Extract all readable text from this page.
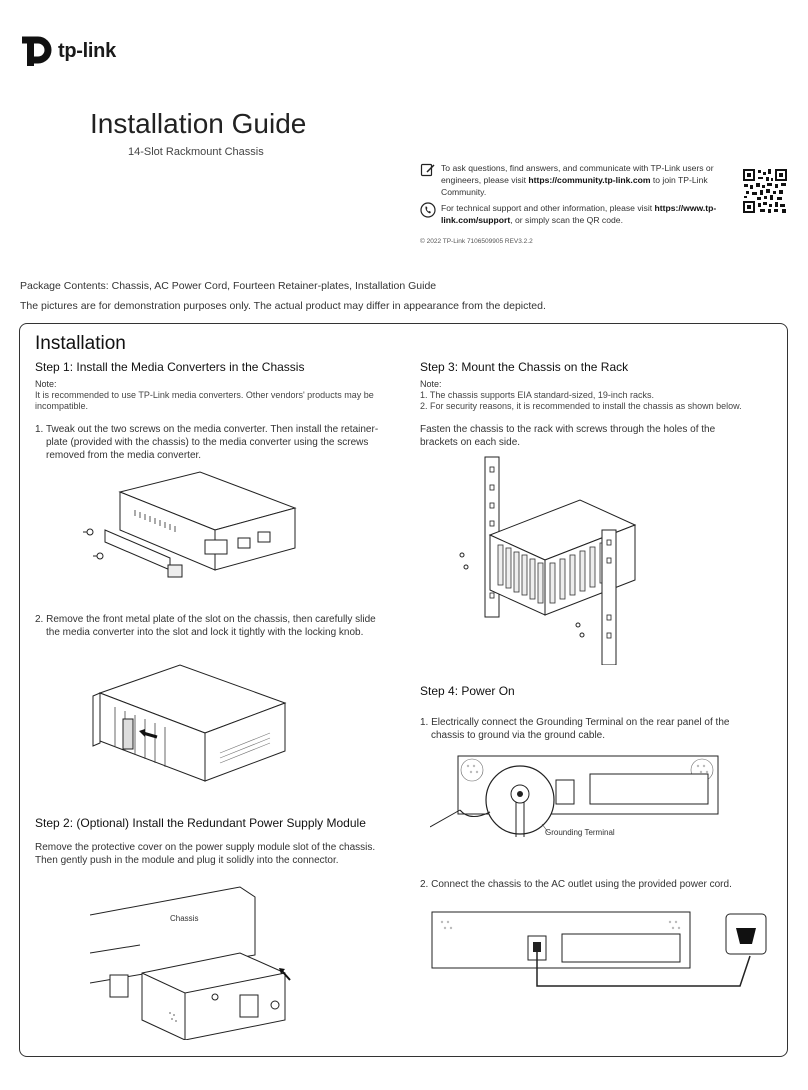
tp-link
Installation Guide
14-Slot Rackmount Chassis
To ask questions, find answers, and communicate with TP-Link users or engineers, please visit https://community.tp-link.com to join TP-Link Community.
For technical support and other information, please visit https://www.tp-link.com/support, or simply scan the QR code.
© 2022 TP-Link 7106509905 REV3.2.2
Package Contents: Chassis, AC Power Cord, Fourteen Retainer-plates, Installation Guide
The pictures are for demonstration purposes only. The actual product may differ in appearance from the depicted.
Installation
Step 1: Install the Media Converters in the Chassis
Note:
It is recommended to use TP-Link media converters. Other vendors' products may be incompatible.
1. Tweak out the two screws on the media converter. Then install the retainer-plate (provided with the chassis) to the media converter using the screws removed from the media converter.
2. Remove the front metal plate of the slot on the chassis, then carefully slide the media converter into the slot and lock it tightly with the locking knob.
Step 2: (Optional) Install the Redundant Power Supply Module
Remove the protective cover on the power supply module slot of the chassis. Then gently push in the module and plug it solidly into the connector.
Chassis
Step 3: Mount the Chassis on the Rack
Note:
1. The chassis supports EIA standard-sized, 19-inch racks.
2. For security reasons, it is recommended to install the chassis as shown below.
Fasten the chassis to the rack with screws through the holes of the brackets on each side.
Step 4: Power On
1. Electrically connect the Grounding Terminal on the rear panel of the chassis to ground via the ground cable.
Grounding Terminal
2. Connect the chassis to the AC outlet using the provided power cord.
